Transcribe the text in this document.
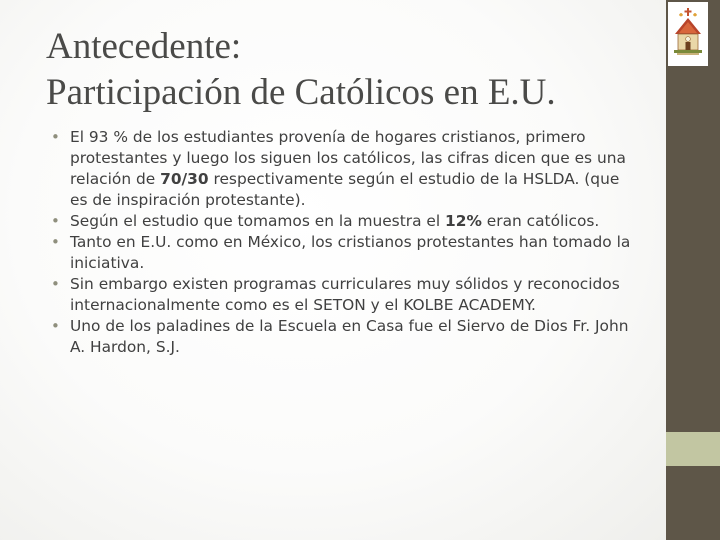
Antecedente:
Participación de Católicos en E.U.
• El 93 % de los estudiantes provenía de hogares cristianos, primero protestantes y luego los siguen los católicos, las cifras dicen que es una relación de 70/30 respectivamente según el estudio de la HSLDA. (que es de inspiración protestante).
• Según el estudio que tomamos en la muestra el 12% eran católicos.
• Tanto en E.U. como en México, los cristianos protestantes han tomado la iniciativa.
• Sin embargo existen programas curriculares muy sólidos y reconocidos internacionalmente como es el SETON y el KOLBE ACADEMY.
• Uno de los paladines de la Escuela en Casa fue el Siervo de Dios Fr. John A. Hardon, S.J.
